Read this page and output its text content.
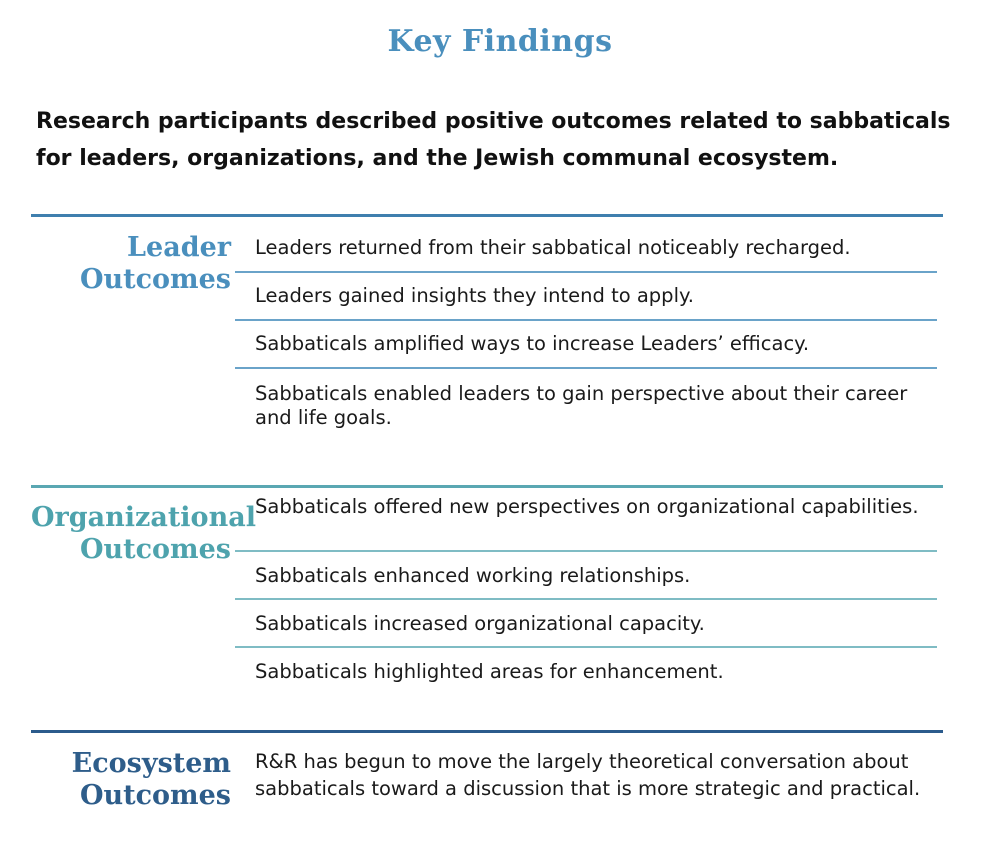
Key Findings
Research participants described positive outcomes related to sabbaticals for leaders, organizations, and the Jewish communal ecosystem.
Leader
Outcomes
Leaders returned from their sabbatical noticeably recharged.
Leaders gained insights they intend to apply.
Sabbaticals amplified ways to increase Leaders’ efficacy.
Sabbaticals enabled leaders to gain perspective about their career and life goals.
Organizational
Outcomes
Sabbaticals offered new perspectives on organizational capabilities.
Sabbaticals enhanced working relationships.
Sabbaticals increased organizational capacity.
Sabbaticals highlighted areas for enhancement.
Ecosystem
Outcomes
R&R has begun to move the largely theoretical conversation about sabbaticals toward a discussion that is more strategic and practical.
